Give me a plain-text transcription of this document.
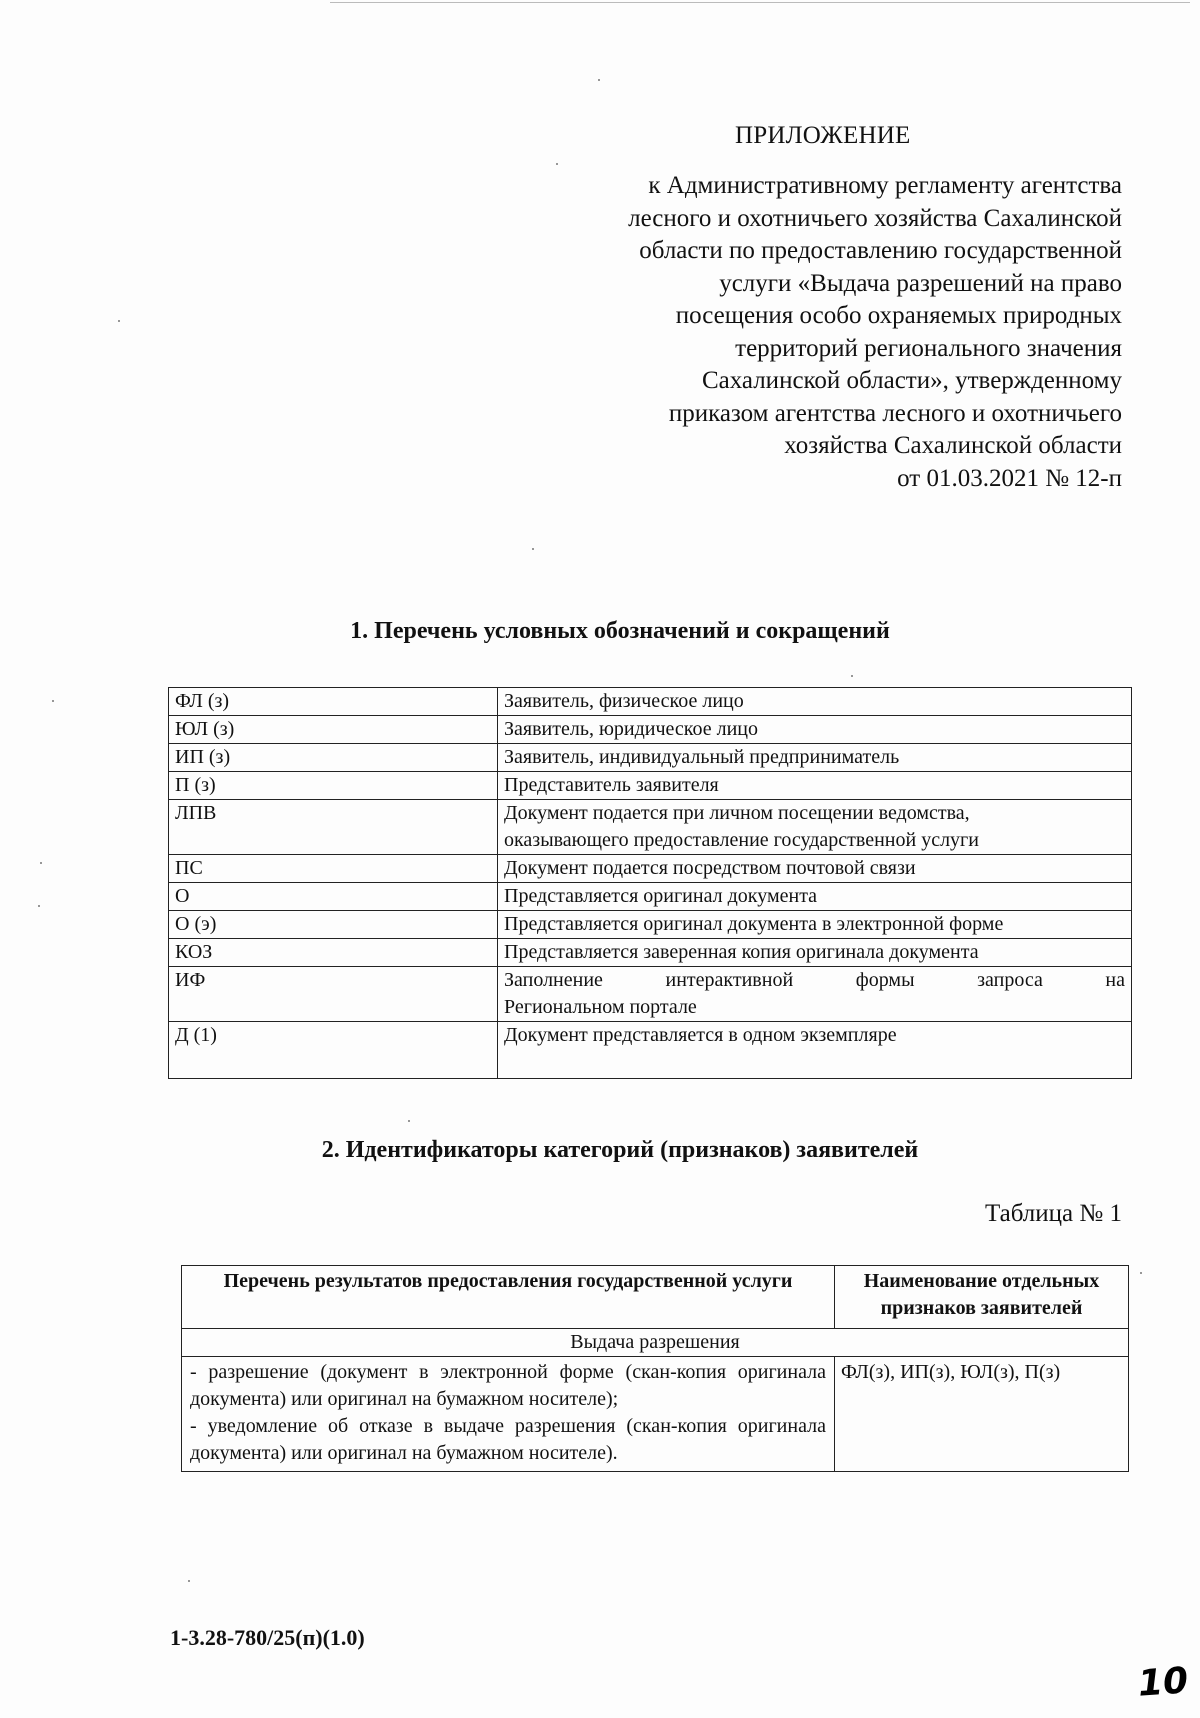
ПРИЛОЖЕНИЕ
к Административному регламенту агентства
лесного и охотничьего хозяйства Сахалинской
области по предоставлению государственной
услуги «Выдача разрешений на право
посещения особо охраняемых природных
территорий регионального значения
Сахалинской области», утвержденному
приказом агентства лесного и охотничьего
хозяйства Сахалинской области
от 01.03.2021 № 12-п
1. Перечень условных обозначений и сокращений
ФЛ (з)	Заявитель, физическое лицо
ЮЛ (з)	Заявитель, юридическое лицо
ИП (з)	Заявитель, индивидуальный предприниматель
П (з)	Представитель заявителя
ЛПВ	Документ подается при личном посещении ведомства,
оказывающего предоставление государственной услуги
ПС	Документ подается посредством почтовой связи
О	Представляется оригинал документа
О (э)	Представляется оригинал документа в электронной форме
КОЗ	Представляется заверенная копия оригинала документа
ИФ	Заполнение интерактивной формы запроса на
Региональном портале

Д (1)	Документ представляется в одном экземпляре
2. Идентификаторы категорий (признаков) заявителей
Таблица № 1
Перечень результатов предоставления государственной услуги	Наименование отдельных признаков заявителей
Выдача разрешения	

- разрешение (документ в электронной форме (скан-копия оригинала документа) или оригинал на бумажном носителе);

- уведомление об отказе в выдаче разрешения (скан-копия оригинала документа) или оригинал на бумажном носителе).	ФЛ(з), ИП(з), ЮЛ(з), П(з)
1-3.28-780/25(п)(1.0)
10
